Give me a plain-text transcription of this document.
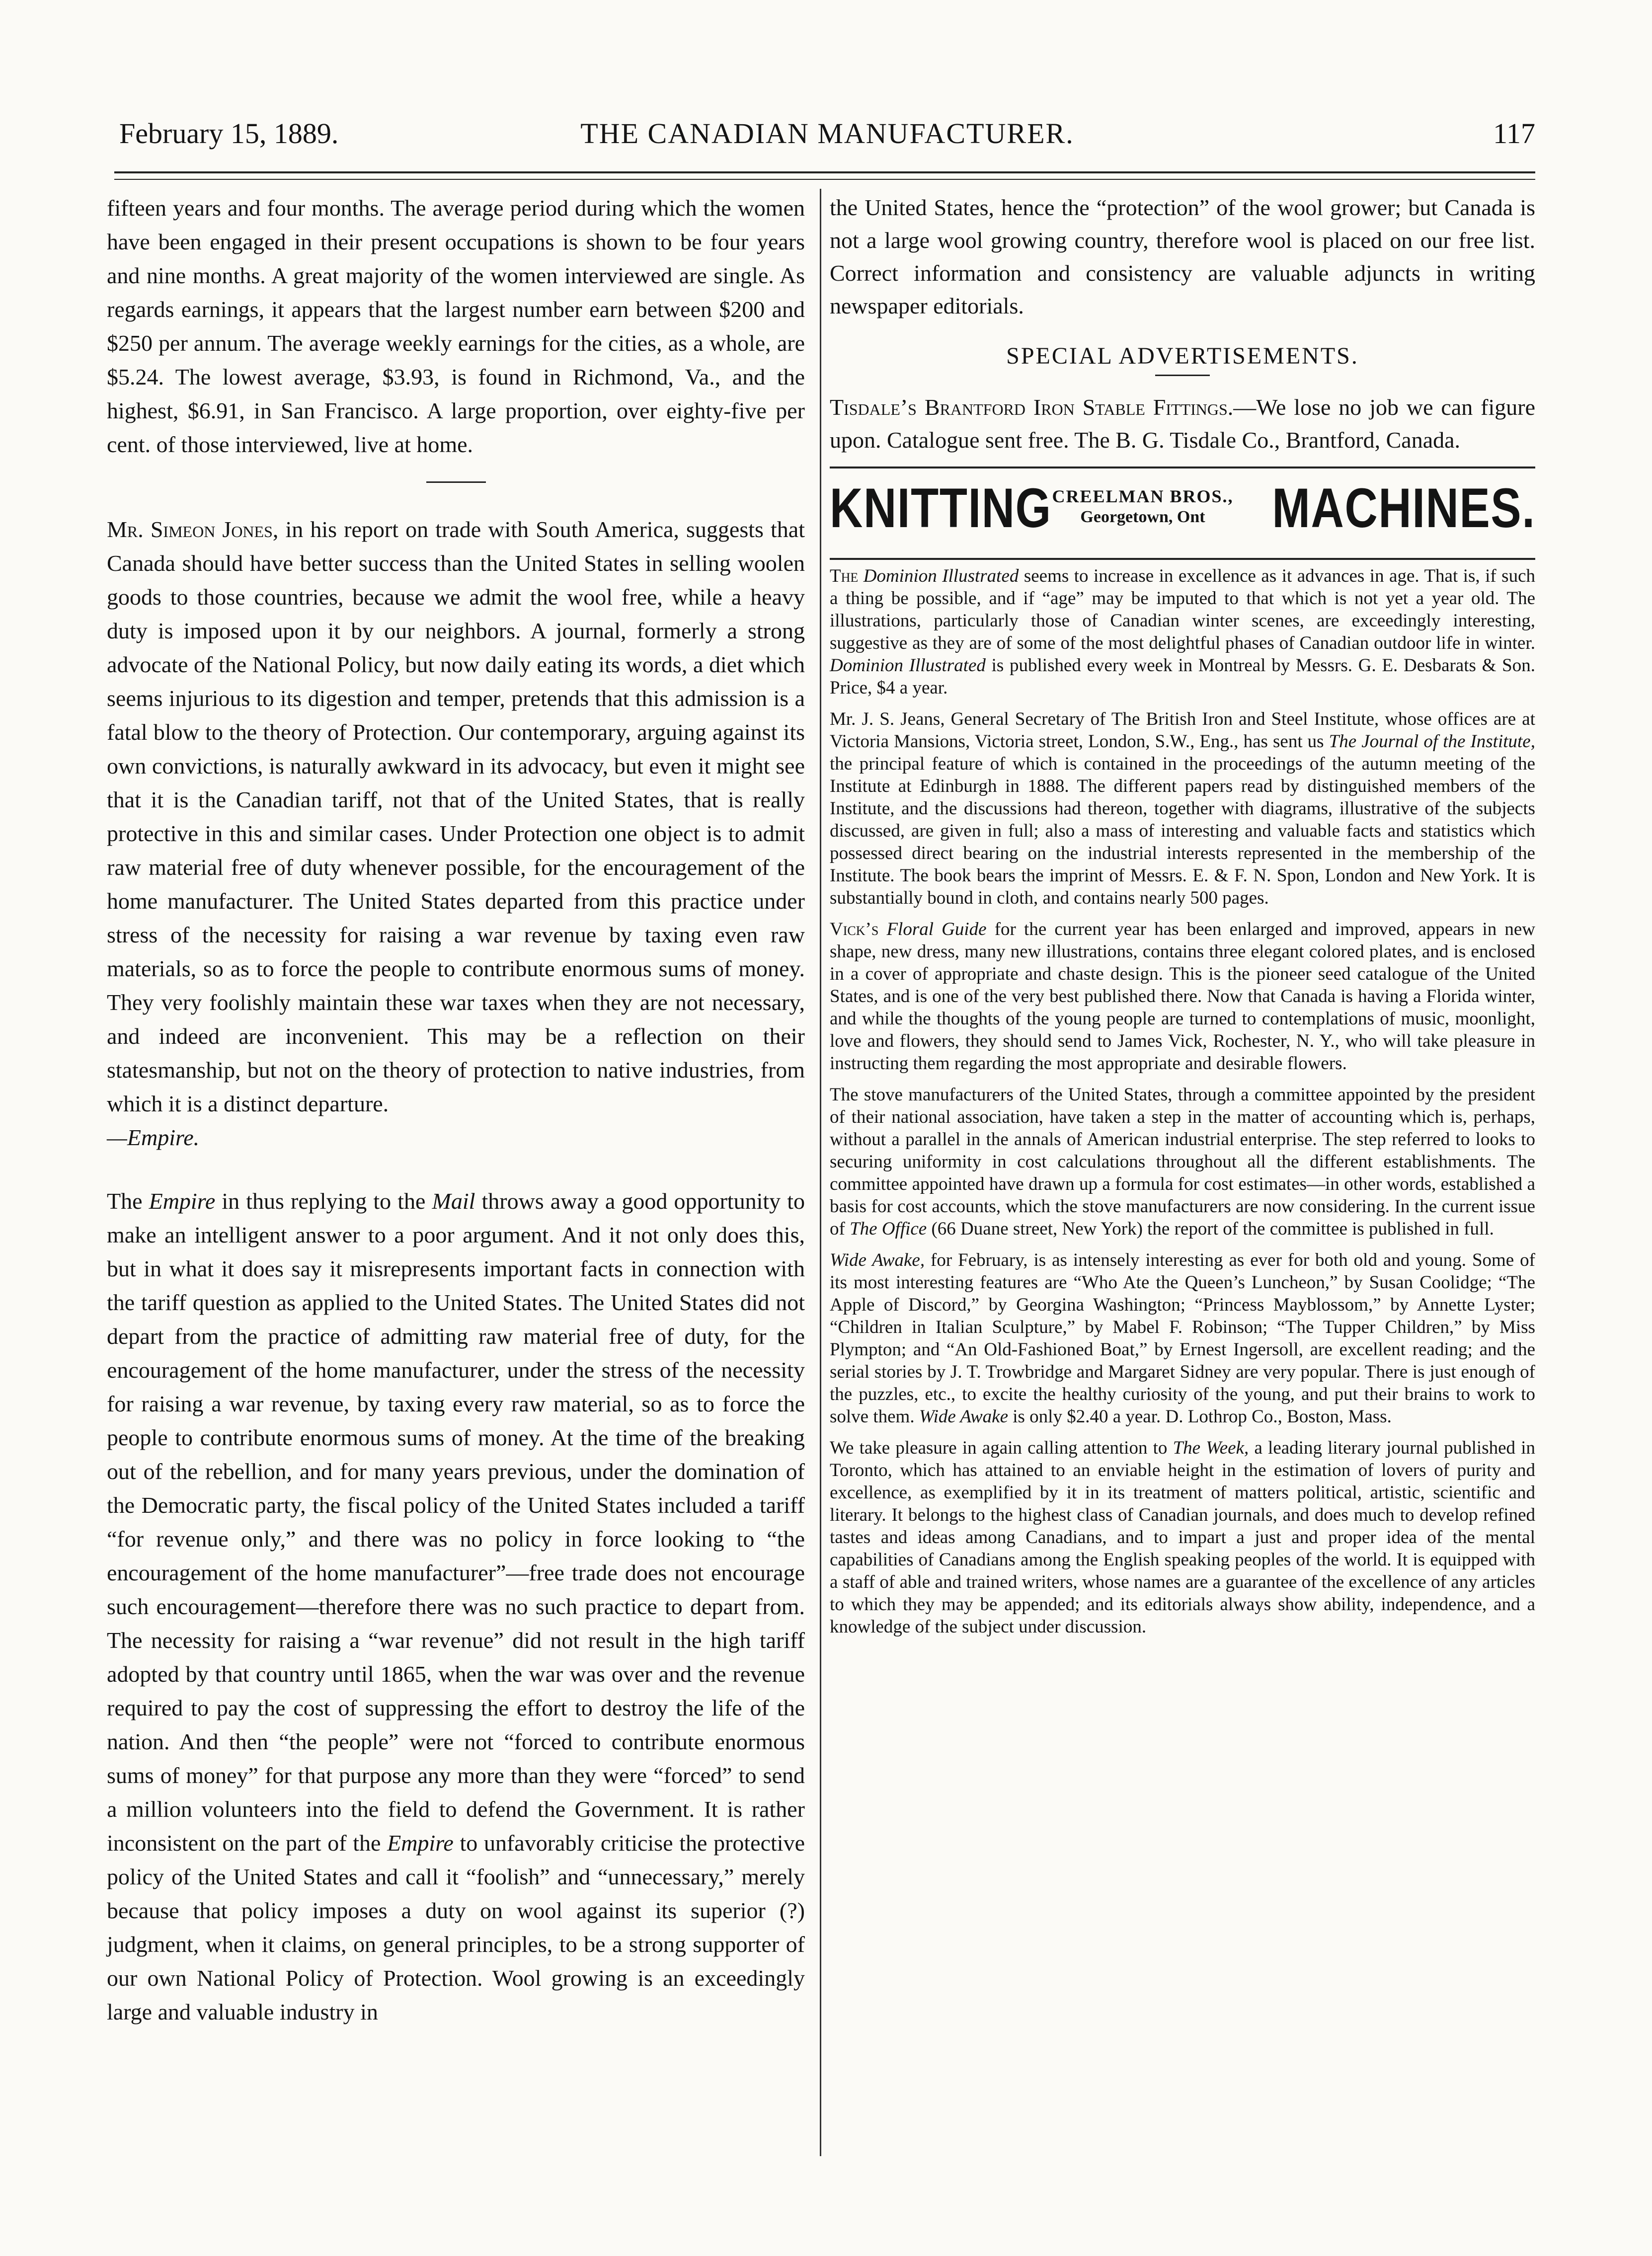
February 15, 1889.	THE CANADIAN MANUFACTURER.	117

fifteen years and four months. The average period during which the women have been engaged in their present occupations is shown to be four years and nine months. A great majority of the women interviewed are single. As regards earnings, it appears that the largest number earn between $200 and $250 per annum. The average weekly earnings for the cities, as a whole, are $5.24. The lowest average, $3.93, is found in Richmond, Va., and the highest, $6.91, in San Francisco. A large proportion, over eighty-five per cent. of those interviewed, live at home.

Mr. Simeon Jones, in his report on trade with South America, suggests that Canada should have better success than the United States in selling woolen goods to those countries, because we admit the wool free, while a heavy duty is imposed upon it by our neighbors. A journal, formerly a strong advocate of the National Policy, but now daily eating its words, a diet which seems injurious to its digestion and temper, pretends that this admission is a fatal blow to the theory of Protection. Our contemporary, arguing against its own convictions, is naturally awkward in its advocacy, but even it might see that it is the Canadian tariff, not that of the United States, that is really protective in this and similar cases. Under Protection one object is to admit raw material free of duty whenever possible, for the encouragement of the home manufacturer. The United States departed from this practice under stress of the necessity for raising a war revenue by taxing even raw materials, so as to force the people to contribute enormous sums of money. They very foolishly maintain these war taxes when they are not necessary, and indeed are inconvenient. This may be a reflection on their statesmanship, but not on the theory of protection to native industries, from which it is a distinct departure.
—Empire.

The Empire in thus replying to the Mail throws away a good opportunity to make an intelligent answer to a poor argument. And it not only does this, but in what it does say it misrepresents important facts in connection with the tariff question as applied to the United States. The United States did not depart from the practice of admitting raw material free of duty, for the encouragement of the home manufacturer, under the stress of the necessity for raising a war revenue, by taxing every raw material, so as to force the people to contribute enormous sums of money. At the time of the breaking out of the rebellion, and for many years previous, under the domination of the Democratic party, the fiscal policy of the United States included a tariff “for revenue only,” and there was no policy in force looking to “the encouragement of the home manufacturer”—free trade does not encourage such encouragement—therefore there was no such practice to depart from. The necessity for raising a “war revenue” did not result in the high tariff adopted by that country until 1865, when the war was over and the revenue required to pay the cost of suppressing the effort to destroy the life of the nation. And then “the people” were not “forced to contribute enormous sums of money” for that purpose any more than they were “forced” to send a million volunteers into the field to defend the Government. It is rather inconsistent on the part of the Empire to unfavorably criticise the protective policy of the United States and call it “foolish” and “unnecessary,” merely because that policy imposes a duty on wool against its superior (?) judgment, when it claims, on general principles, to be a strong supporter of our own National Policy of Protection. Wool growing is an exceedingly large and valuable industry in

the United States, hence the “protection” of the wool grower; but Canada is not a large wool growing country, therefore wool is placed on our free list. Correct information and consistency are valuable adjuncts in writing newspaper editorials.

SPECIAL ADVERTISEMENTS.

Tisdale’s Brantford Iron Stable Fittings.—We lose no job we can figure upon. Catalogue sent free. The B. G. Tisdale Co., Brantford, Canada.

KNITTING CREELMAN BROS.,
Georgetown, Ont	MACHINES.

The Dominion Illustrated seems to increase in excellence as it advances in age. That is, if such a thing be possible, and if “age” may be imputed to that which is not yet a year old. The illustrations, particularly those of Canadian winter scenes, are exceedingly interesting, suggestive as they are of some of the most delightful phases of Canadian outdoor life in winter. Dominion Illustrated is published every week in Montreal by Messrs. G. E. Desbarats & Son. Price, $4 a year.

Mr. J. S. Jeans, General Secretary of The British Iron and Steel Institute, whose offices are at Victoria Mansions, Victoria street, London, S.W., Eng., has sent us The Journal of the Institute, the principal feature of which is contained in the proceedings of the autumn meeting of the Institute at Edinburgh in 1888. The different papers read by distinguished members of the Institute, and the discussions had thereon, together with diagrams, illustrative of the subjects discussed, are given in full; also a mass of interesting and valuable facts and statistics which possessed direct bearing on the industrial interests represented in the membership of the Institute. The book bears the imprint of Messrs. E. & F. N. Spon, London and New York. It is substantially bound in cloth, and contains nearly 500 pages.

Vick’s Floral Guide for the current year has been enlarged and improved, appears in new shape, new dress, many new illustrations, contains three elegant colored plates, and is enclosed in a cover of appropriate and chaste design. This is the pioneer seed catalogue of the United States, and is one of the very best published there. Now that Canada is having a Florida winter, and while the thoughts of the young people are turned to contemplations of music, moonlight, love and flowers, they should send to James Vick, Rochester, N. Y., who will take pleasure in instructing them regarding the most appropriate and desirable flowers.

The stove manufacturers of the United States, through a committee appointed by the president of their national association, have taken a step in the matter of accounting which is, perhaps, without a parallel in the annals of American industrial enterprise. The step referred to looks to securing uniformity in cost calculations throughout all the different establishments. The committee appointed have drawn up a formula for cost estimates—in other words, established a basis for cost accounts, which the stove manufacturers are now considering. In the current issue of The Office (66 Duane street, New York) the report of the committee is published in full.

Wide Awake, for February, is as intensely interesting as ever for both old and young. Some of its most interesting features are “Who Ate the Queen’s Luncheon,” by Susan Coolidge; “The Apple of Discord,” by Georgina Washington; “Princess Mayblossom,” by Annette Lyster; “Children in Italian Sculpture,” by Mabel F. Robinson; “The Tupper Children,” by Miss Plympton; and “An Old-Fashioned Boat,” by Ernest Ingersoll, are excellent reading; and the serial stories by J. T. Trowbridge and Margaret Sidney are very popular. There is just enough of the puzzles, etc., to excite the healthy curiosity of the young, and put their brains to work to solve them. Wide Awake is only $2.40 a year. D. Lothrop Co., Boston, Mass.

We take pleasure in again calling attention to The Week, a leading literary journal published in Toronto, which has attained to an enviable height in the estimation of lovers of purity and excellence, as exemplified by it in its treatment of matters political, artistic, scientific and literary. It belongs to the highest class of Canadian journals, and does much to develop refined tastes and ideas among Canadians, and to impart a just and proper idea of the mental capabilities of Canadians among the English speaking peoples of the world. It is equipped with a staff of able and trained writers, whose names are a guarantee of the excellence of any articles to which they may be appended; and its editorials always show ability, independence, and a knowledge of the subject under discussion.
